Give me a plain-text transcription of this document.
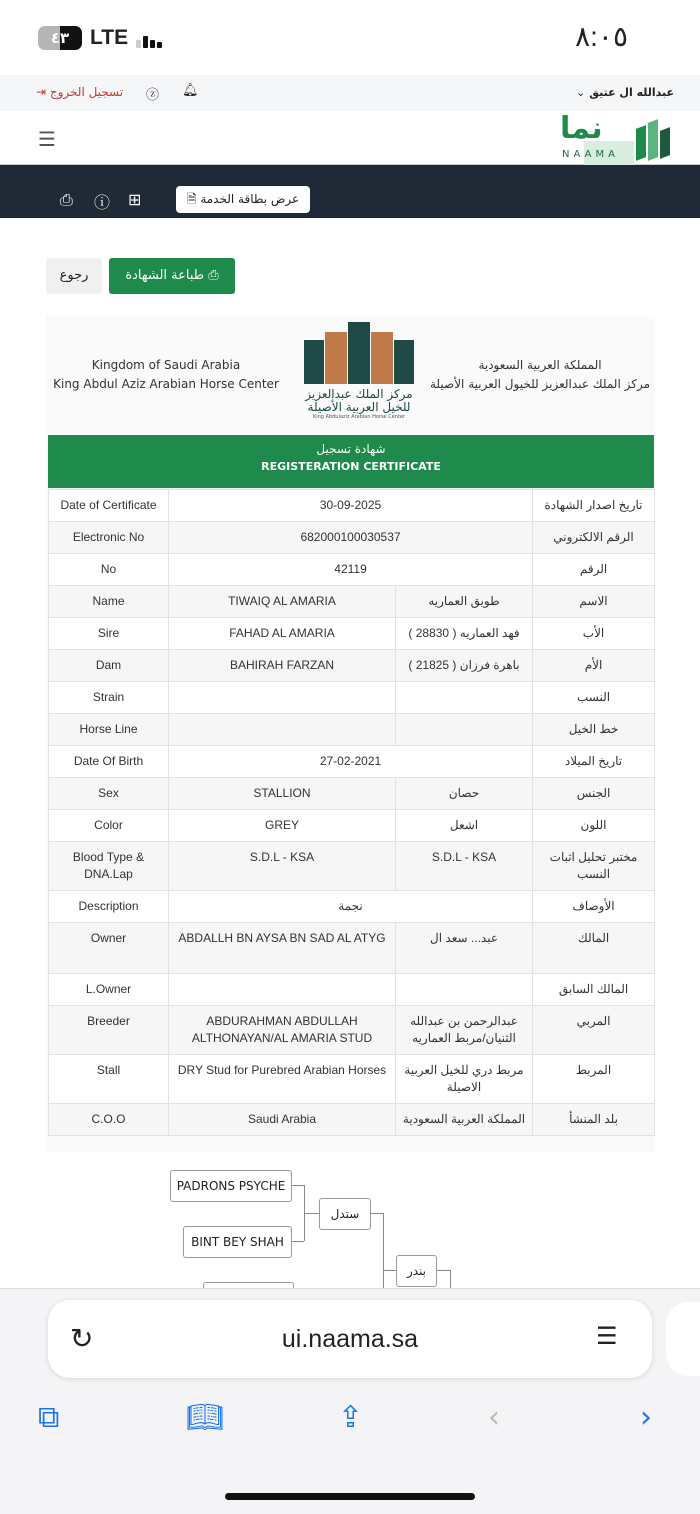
٤٣ LTE	٨:٠٥
⇥ تسجيل الخروج ⓩ 🔔︎	عبدالله ال عتيق ⌄
☰	نما
NAAMA
⎙ ⓘ ⊞	🗎 عرض بطاقة الخدمة
طباعة الشهادة ⎙
رجوع
Kingdom of Saudi Arabia
King Abdul Aziz Arabian Horse Center
مركز الملك عبدالعزيز
للخيل العربية الأصيلة
King Abdulaziz Arabian Horse Center
المملكة العربية السعودية
مركز الملك عبدالعزيز للخيول العربية الأصيلة
شهادة تسجيل
REGISTERATION CERTIFICATE
Date of Certificate	30-09-2025		تاريخ اصدار الشهادة
Electronic No	682000100030537		الرقم الالكتروني
No	42119		الرقم
Name	TIWAIQ AL AMARIA	طويق العماريه	الاسم
Sire	FAHAD AL AMARIA	فهد العماريه ( 28830 )	الأب
Dam	BAHIRAH FARZAN	باهرة فرزان ( 21825 )	الأم
Strain			النسب
Horse Line			خط الخيل
Date Of Birth	27-02-2021		تاريخ الميلاد
Sex	STALLION	حصان	الجنس
Color	GREY	اشعل	اللون
Blood Type & DNA.Lap	S.D.L - KSA	S.D.L - KSA	مختبر تحليل اثبات النسب
Description	نجمة		الأوصاف
Owner	ABDALLH BN AYSA BN SAD AL ATYG	عبد... سعد ال	المالك
L.Owner			المالك السابق
Breeder	ABDURAHMAN ABDULLAH ALTHONAYAN/AL AMARIA STUD	عبدالرحمن بن عبدالله الثنيان/مربط العماريه	المربي
Stall	DRY Stud for Purebred Arabian Horses	مربط دري للخيل العربية الاصيلة	المربط
C.O.O	Saudi Arabia	المملكة العربية السعودية	بلد المنشأ
PADRONS PSYCHE
BINT BEY SHAH
ستدل
بندر
ui.naama.sa
↻	☰
⧉	📖︎	⇪	‹	›
